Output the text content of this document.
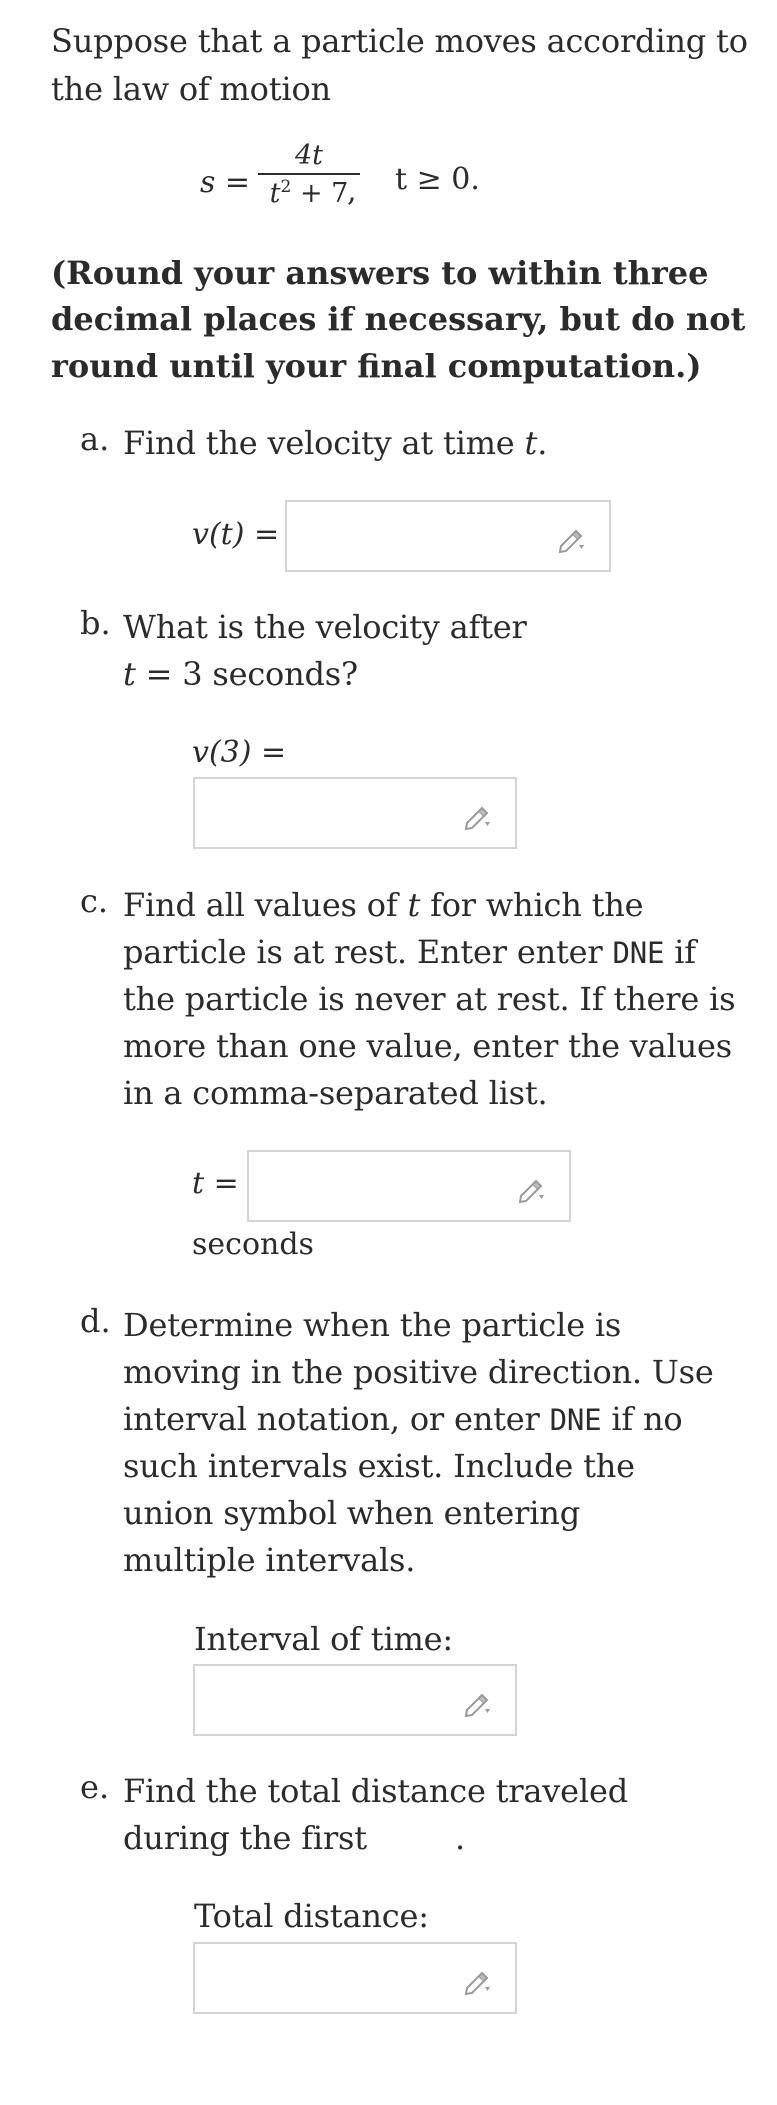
Suppose that a particle moves according to
the law of motion
s =
4t
$t^2 + 7$
, t ≥ 0.
(Round your answers to within three
decimal places if necessary, but do not
round until your final computation.)
a. Find the velocity at time t.
v(t) =
b. What is the velocity after
t = 3 seconds?
v(3) =
c. Find all values of t for which the
particle is at rest. Enter enter DNE if
the particle is never at rest. If there is
more than one value, enter the values
in a comma-separated list.
t =
seconds
d. Determine when the particle is
moving in the positive direction. Use
interval notation, or enter DNE if no
such intervals exist. Include the
union symbol when entering
multiple intervals.
Interval of time:
e. Find the total distance traveled
during the first	.
Total distance:
